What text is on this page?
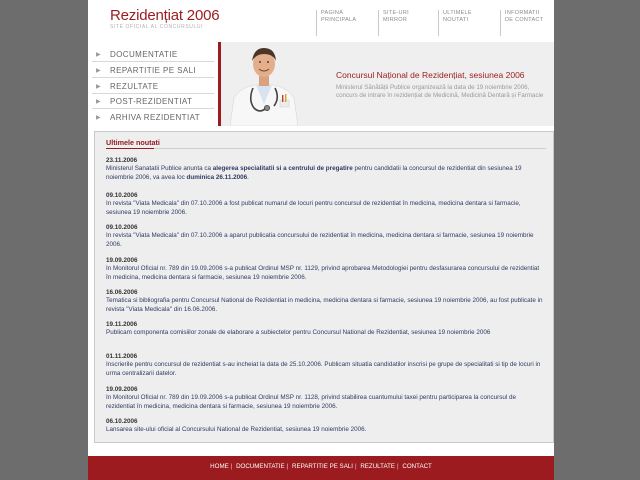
Rezidențiat 2006
SITE OFICIAL AL CONCURSULUI
PAGINA
PRINCIPALA
SITE-URI
MIRROR
ULTIMELE
NOUTATI
INFORMATII
DE CONTACT
▶ DOCUMENTATIE
▶ REPARTITIE PE SALI
▶ REZULTATE
▶ POST-REZIDENTIAT
▶ ARHIVA REZIDENTIAT
Concursul Național de Rezidențiat, sesiunea 2006
Ministerul Sănătății Publice organizează la data de 19 noiembrie 2006, concurs de intrare în rezidențiat de Medicină, Medicină Dentară și Farmacie
Ultimele noutati
23.11.2006
Ministerul Sanatatii Publice anunta ca alegerea specialitatii si a centrului de pregatire pentru candidatii la concursul de rezidentiat din sesiunea 19 noiembrie 2006, va avea loc duminica 26.11.2006.
09.10.2006
In revista "Viata Medicala" din 07.10.2006 a fost publicat numarul de locuri pentru concursul de rezidentiat în medicina, medicina dentara si farmacie, sesiunea 19 noiembrie 2006.
09.10.2006
In revista "Viata Medicala" din 07.10.2006 a aparut publicatia concursului de rezidentiat în medicina, medicina dentara si farmacie, sesiunea 19 noiembrie 2006.
19.09.2006
In Monitorul Oficial nr. 789 din 19.09.2006 s-a publicat Ordinul MSP nr. 1129, privind aprobarea Metodologiei pentru desfasurarea concursului de rezidentiat în medicina, medicina dentara si farmacie, sesiunea 19 noiembrie 2006.
16.06.2006
Tematica si bibliografia pentru Concursul National de Rezidentiat in medicina, medicina dentara si farmacie, sesiunea 19 noiembrie 2006, au fost publicate in revista "Viata Medicala" din 16.06.2006.
19.11.2006
Publicam componenta comisiilor zonale de elaborare a subiectelor pentru Concursul National de Rezidentiat, sesiunea 19 noiembrie 2006
01.11.2006
Inscrierile pentru concursul de rezidentiat s-au incheiat la data de 25.10.2006. Publicam situatia candidatilor inscrisi pe grupe de specialitati si tip de locuri in urma centralizarii datelor.
19.09.2006
In Monitorul Oficial nr. 789 din 19.09.2006 s-a publicat Ordinul MSP nr. 1128, privind stabilirea cuantumului taxei pentru participarea la concursul de rezidentiat în medicina, medicina dentara si farmacie, sesiunea 19 noiembrie 2006.
06.10.2006
Lansarea site-ului oficial al Concursului National de Rezidentiat, sesiunea 19 noiembrie 2006.
HOME | DOCUMENTATIE | REPARTITIE PE SALI | REZULTATE | CONTACT
